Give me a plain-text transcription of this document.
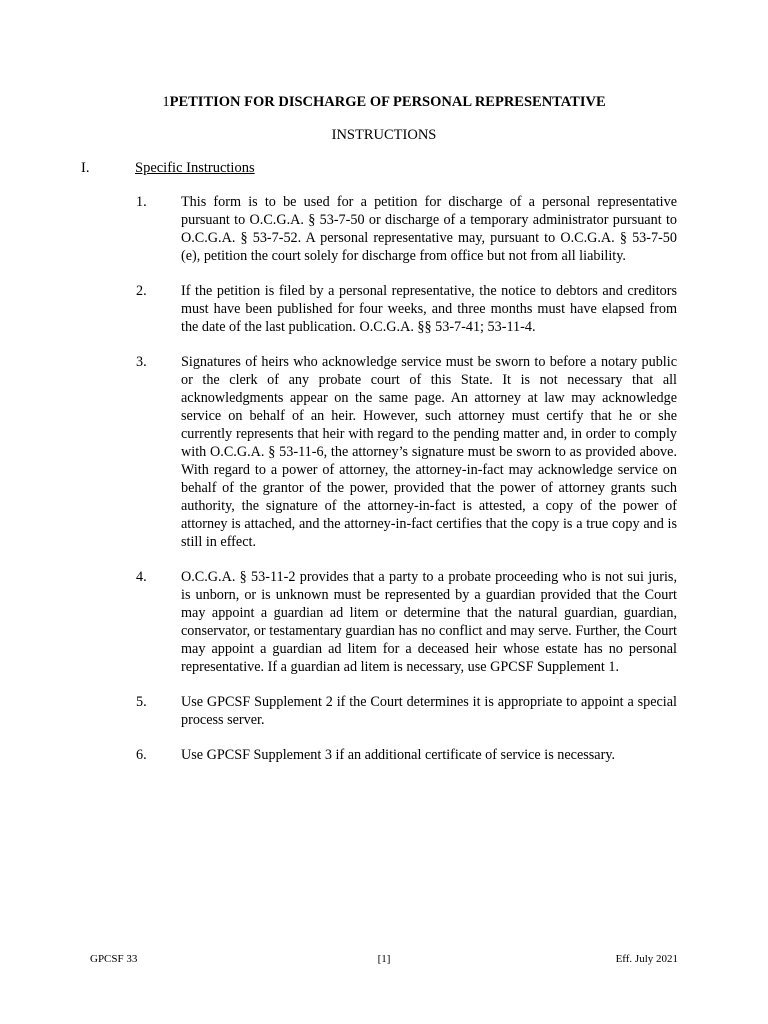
1PETITION FOR DISCHARGE OF PERSONAL REPRESENTATIVE
INSTRUCTIONS
I.	Specific Instructions
1.	This form is to be used for a petition for discharge of a personal representative pursuant to O.C.G.A. § 53-7-50 or discharge of a temporary administrator pursuant to O.C.G.A. § 53-7-52. A personal representative may, pursuant to O.C.G.A. § 53-7-50 (e), petition the court solely for discharge from office but not from all liability.
2.	If the petition is filed by a personal representative, the notice to debtors and creditors must have been published for four weeks, and three months must have elapsed from the date of the last publication. O.C.G.A. §§ 53-7-41; 53-11-4.
3.	Signatures of heirs who acknowledge service must be sworn to before a notary public or the clerk of any probate court of this State. It is not necessary that all acknowledgments appear on the same page. An attorney at law may acknowledge service on behalf of an heir. However, such attorney must certify that he or she currently represents that heir with regard to the pending matter and, in order to comply with O.C.G.A. § 53-11-6, the attorney’s signature must be sworn to as provided above. With regard to a power of attorney, the attorney-in-fact may acknowledge service on behalf of the grantor of the power, provided that the power of attorney grants such authority, the signature of the attorney-in-fact is attested, a copy of the power of attorney is attached, and the attorney-in-fact certifies that the copy is a true copy and is still in effect.
4.	O.C.G.A. § 53-11-2 provides that a party to a probate proceeding who is not sui juris, is unborn, or is unknown must be represented by a guardian provided that the Court may appoint a guardian ad litem or determine that the natural guardian, guardian, conservator, or testamentary guardian has no conflict and may serve. Further, the Court may appoint a guardian ad litem for a deceased heir whose estate has no personal representative. If a guardian ad litem is necessary, use GPCSF Supplement 1.
5.	Use GPCSF Supplement 2 if the Court determines it is appropriate to appoint a special process server.
6.	Use GPCSF Supplement 3 if an additional certificate of service is necessary.
GPCSF 33	[1]	Eff. July 2021
